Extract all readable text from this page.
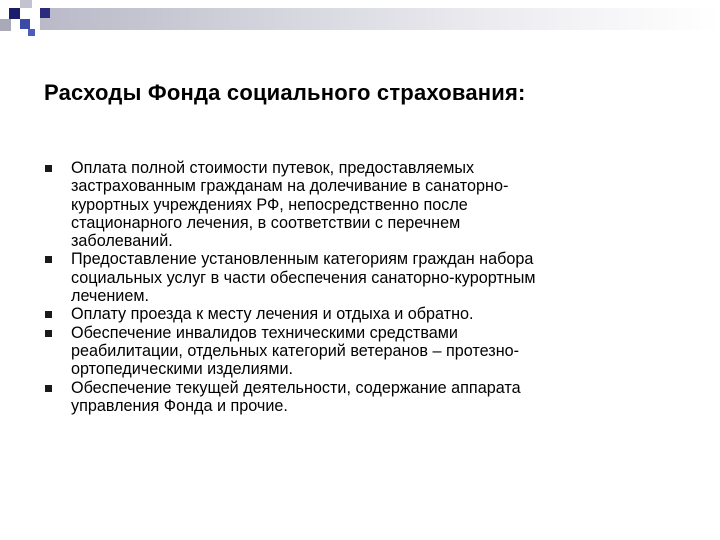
Расходы Фонда социального страхования:
Оплата полной стоимости путевок, предоставляемых
застрахованным гражданам на долечивание в санаторно-
курортных учреждениях РФ, непосредственно после
стационарного лечения, в соответствии с перечнем
заболеваний.
Предоставление установленным категориям граждан набора
социальных услуг в части обеспечения санаторно-курортным
лечением.
Оплату проезда к месту лечения и отдыха и обратно.
Обеспечение инвалидов техническими средствами
реабилитации, отдельных категорий ветеранов – протезно-
ортопедическими изделиями.
Обеспечение текущей деятельности, содержание аппарата
управления Фонда и прочие.
